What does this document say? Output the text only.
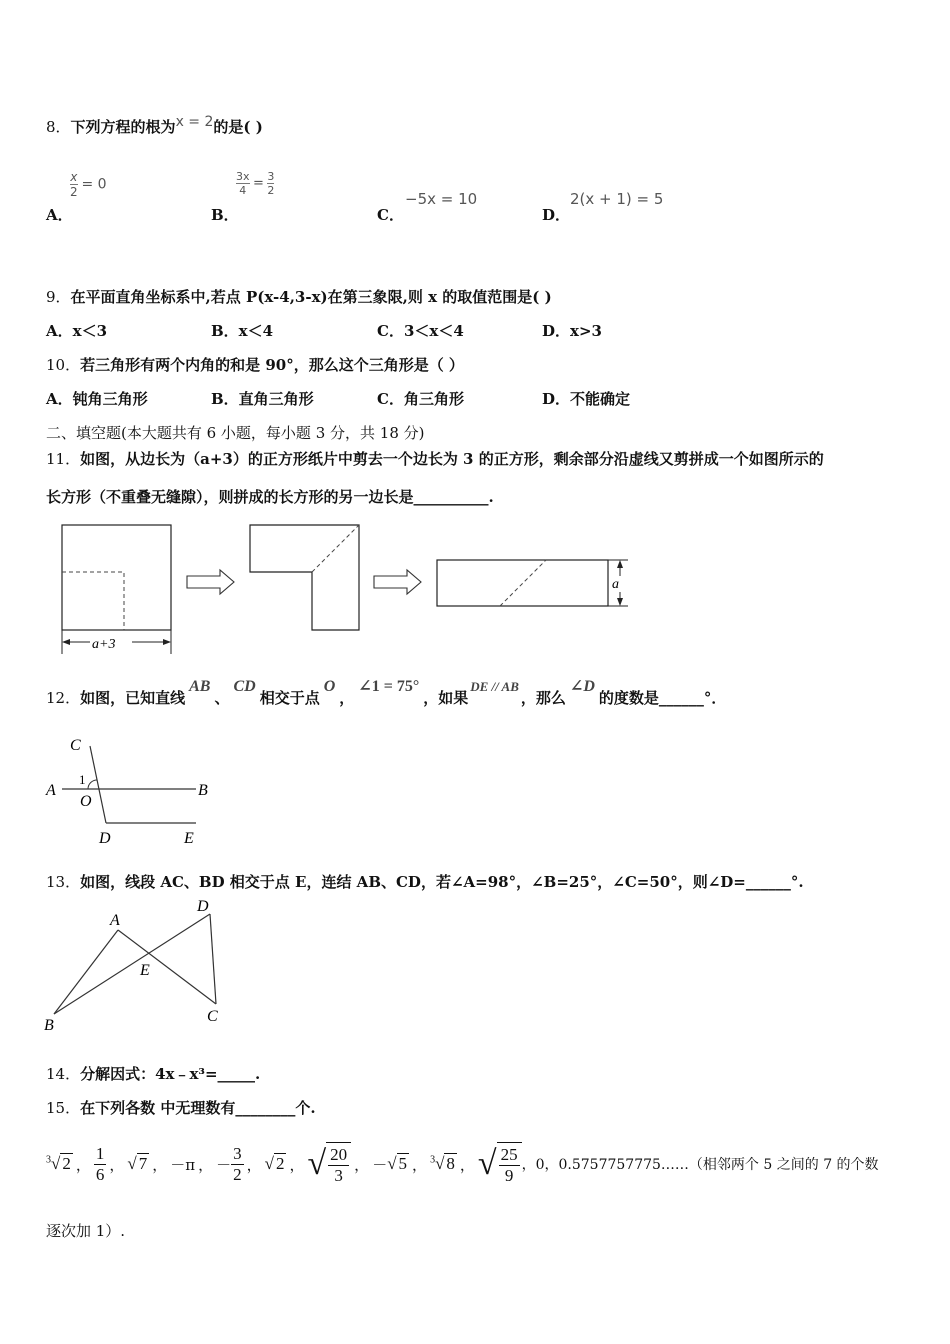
8．下列方程的根为x = 2的是( )
A．
$\frac{x}{2} = 0$
B．
$\frac{3x}{4} = \frac{3}{2}$
C．
−5x = 10
D．
2(x + 1) = 5
9．在平面直角坐标系中,若点 P(x-4,3-x)在第三象限,则 x 的取值范围是( )
A．x＜3	B．x＜4	C．3＜x＜4	D．x>3
10．若三角形有两个内角的和是 90°，那么这个三角形是（ ）
A．钝角三角形	B．直角三角形	C．角三角形	D．不能确定
二、填空题(本大题共有 6 小题，每小题 3 分，共 18 分)
11．如图，从边长为（a+3）的正方形纸片中剪去一个边长为 3 的正方形，剩余部分沿虚线又剪拼成一个如图所示的
长方形（不重叠无缝隙），则拼成的长方形的另一边长是__________.
a+3
a
12．如图，已知直线AB、CD相交于点O，∠1 = 75°，如果DE // AB，那么∠D的度数是______°．
C
A	B
O
1
D	E
13．如图，线段 AC、BD 相交于点 E，连结 AB、CD，若∠A=98°，∠B=25°，∠C=50°，则∠D=______°.
A
B
C
D
E
14．分解因式：4x﹣x³=_____.
15．在下列各数 中无理数有________个.
$^3$√ 2 ， $\frac{1}{6}$ ， √ 7 ， －π ， － $\frac{3}{2}$ ， √ 2 ， √ $\frac{20}{3}$ ， － √ 5 ， $^3$√ 8 ， √ $\frac{25}{9}$ ，0，0.5757757775……（相邻两个 5 之间的 7 的个数
逐次加 1）.
